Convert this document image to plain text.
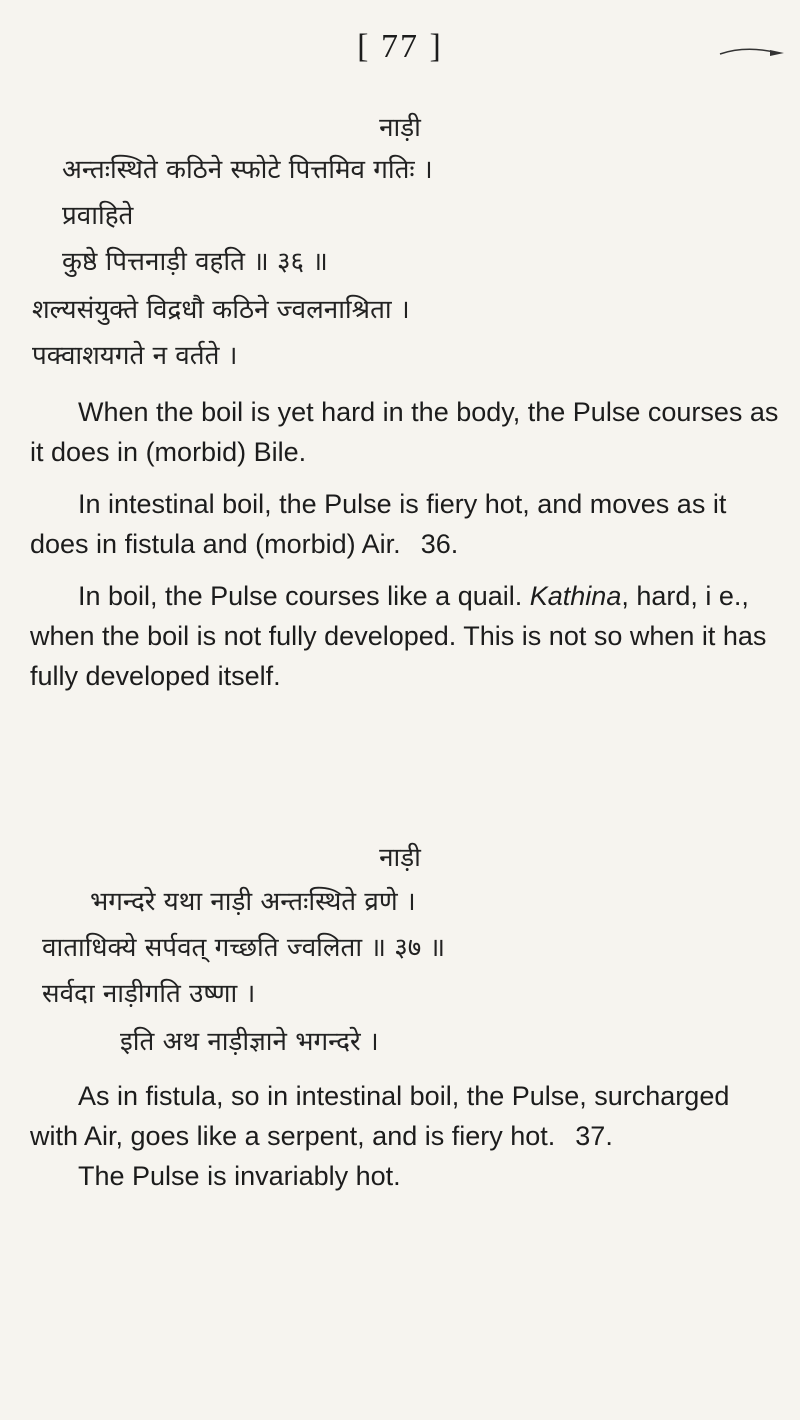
[ 77 ]
नाड़ी
अन्तःस्थिते कठिने स्फोटे पित्तमिव गतिः ।
प्रवाहिते
कुष्ठे पित्तनाड़ी वहति ॥ ३६ ॥
शल्यसंयुक्ते विद्रधौ कठिने ज्वलनाश्रिता ।
पक्वाशयगते न वर्तते ।

When the boil is yet hard in the body, the Pulse courses as it does in (morbid) Bile.

In intestinal boil, the Pulse is fiery hot, and moves as it does in fistula and (morbid) Air. 36.

In boil, the Pulse courses like a quail. Kathina, hard, i e., when the boil is not fully developed. This is not so when it has fully developed itself.

नाड़ी
भगन्दरे यथा नाड़ी अन्तःस्थिते व्रणे ।
वाताधिक्ये सर्पवत् गच्छति ज्वलिता ॥ ३७ ॥
सर्वदा नाड़ीगति उष्णा ।
इति अथ नाड़ीज्ञाने भगन्दरे ।

As in fistula, so in intestinal boil, the Pulse, surcharged with Air, goes like a serpent, and is fiery hot. 37.

The Pulse is invariably hot.
